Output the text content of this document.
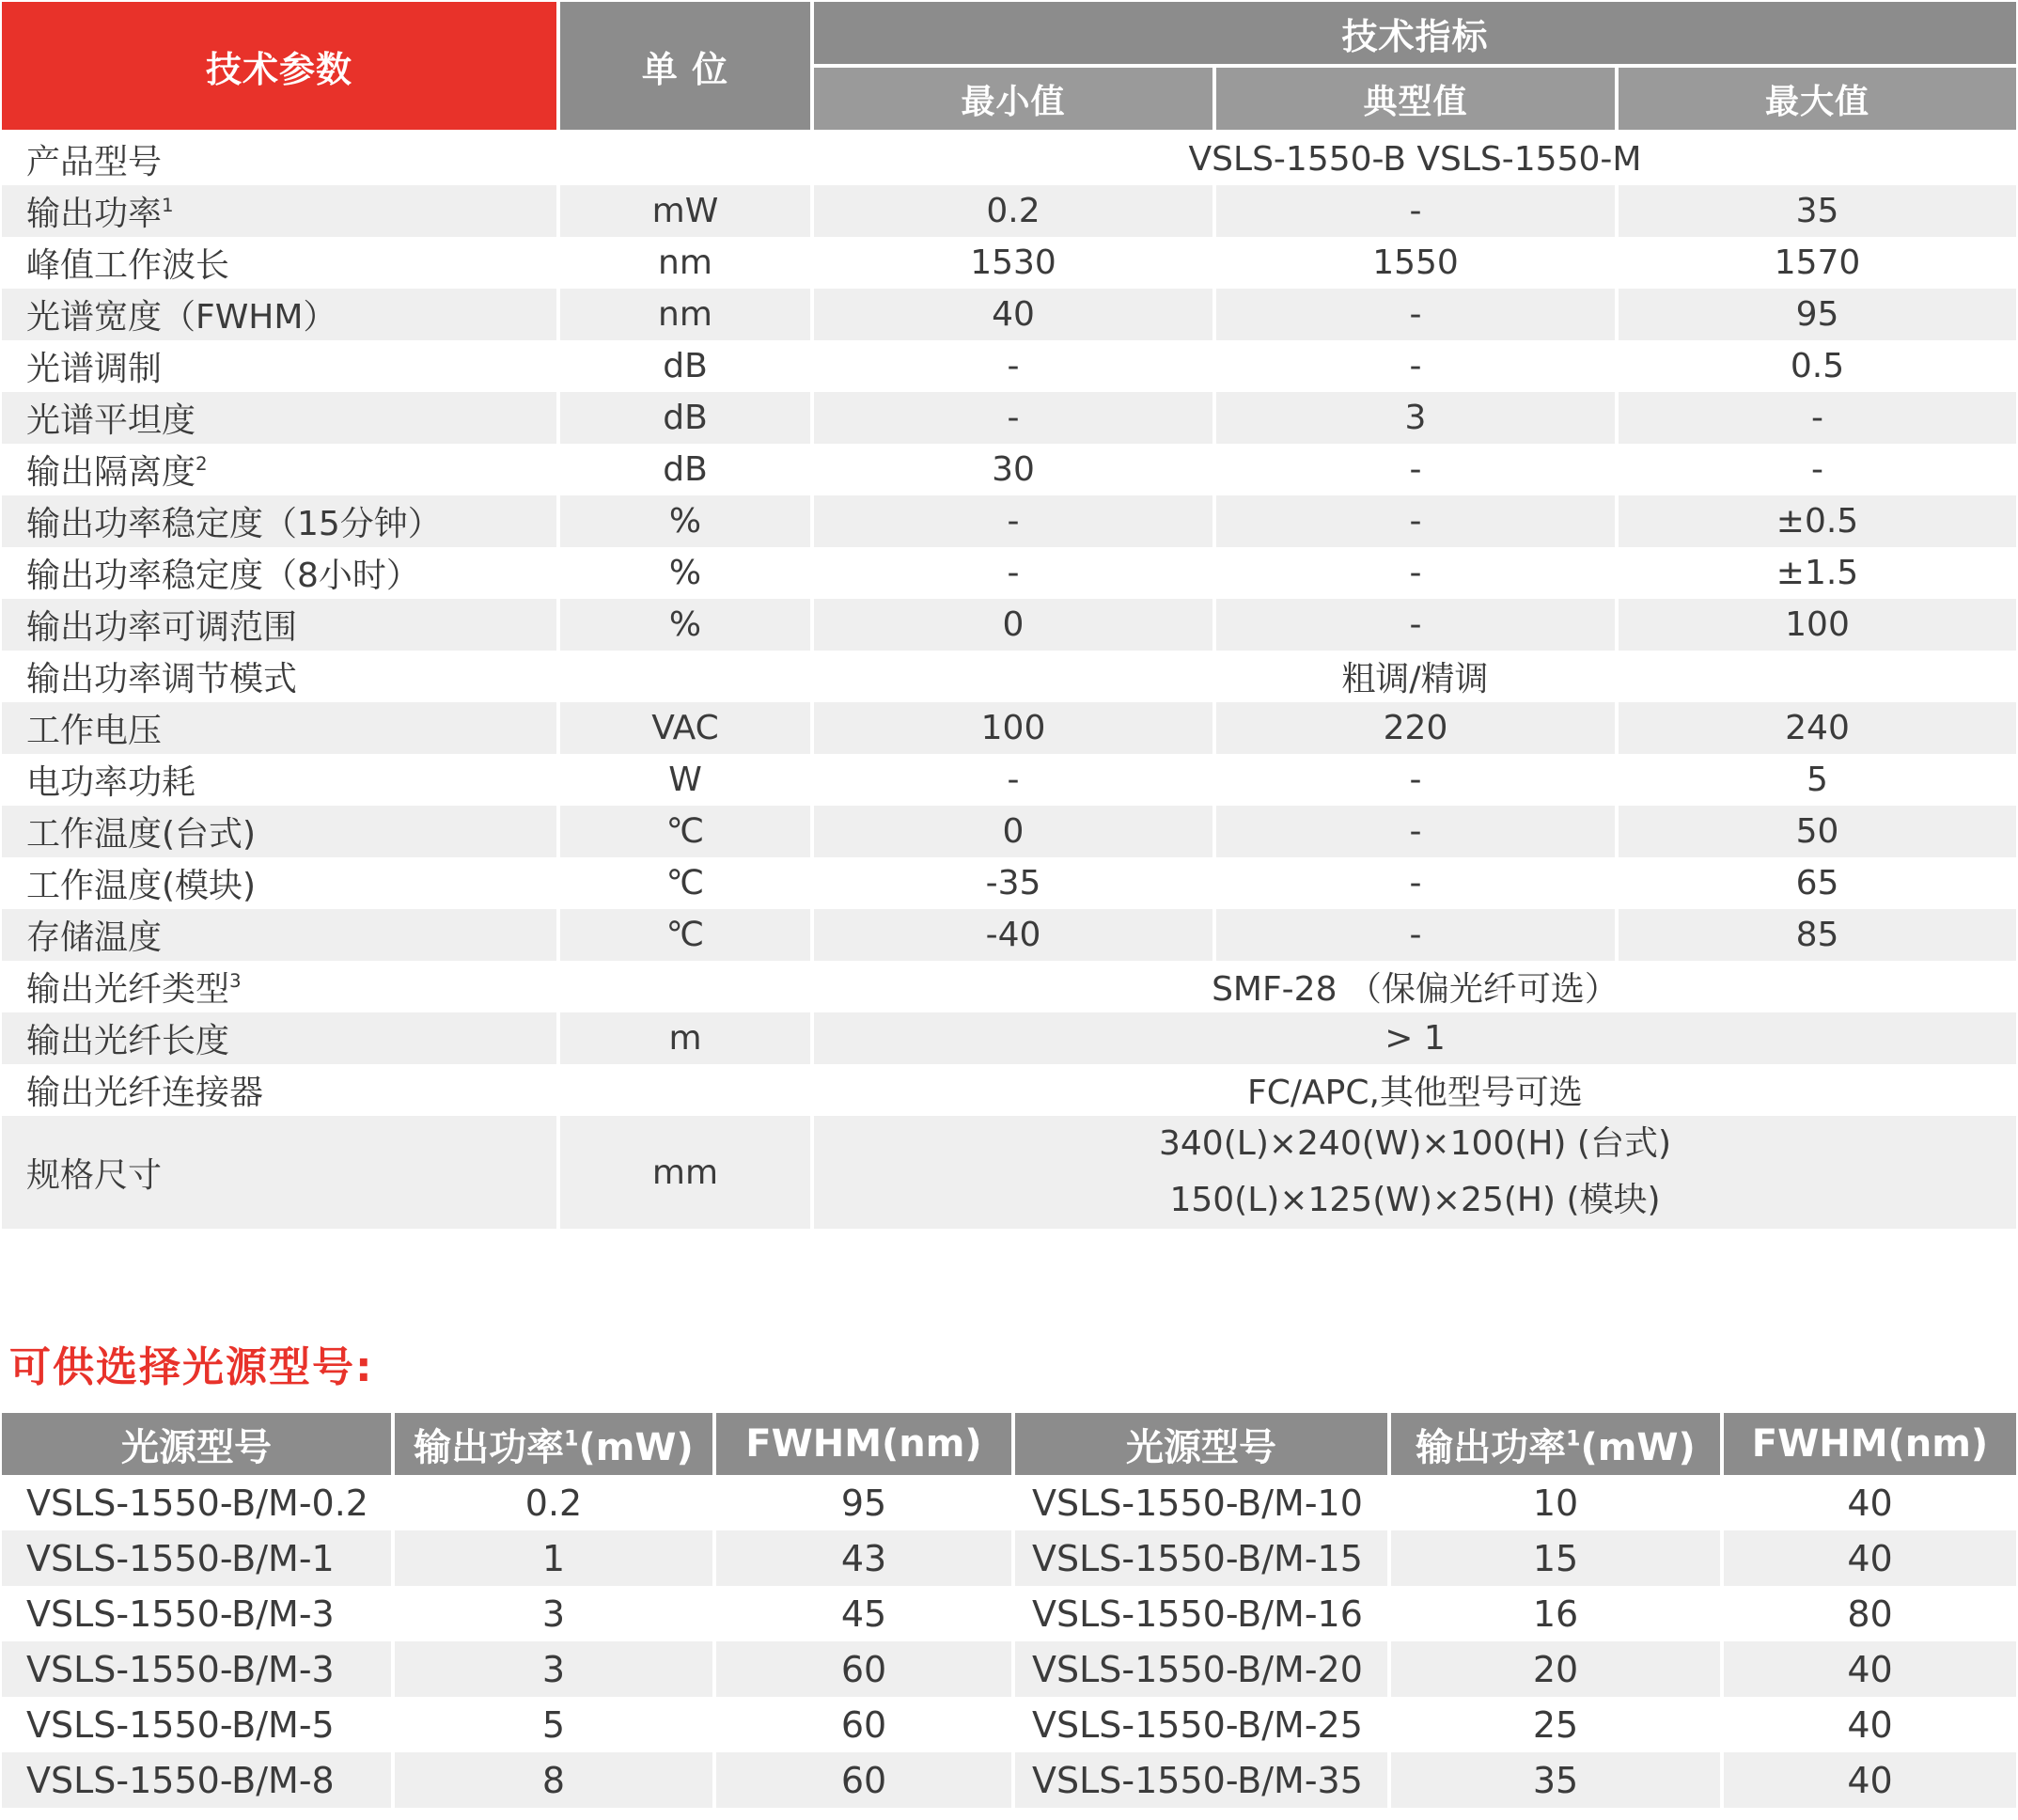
技术参数	单 位	技术指标		
		最小值	典型值	最大值
产品型号		VSLS-1550-B VSLS-1550-M		
输出功率$^1$	mW	0.2	-	35
峰值工作波长	nm	1530	1550	1570
光谱宽度（FWHM）	nm	40	-	95
光谱调制	dB	-	-	0.5
光谱平坦度	dB	-	3	-
输出隔离度$^2$	dB	30	-	-
输出功率稳定度（15分钟）	%	-	-	±0.5
输出功率稳定度（8小时）	%	-	-	±1.5
输出功率可调范围	%	0	-	100
输出功率调节模式		粗调/精调		
工作电压	VAC	100	220	240
电功率功耗	W	-	-	5
工作温度(台式)	℃	0	-	50
工作温度(模块)	℃	-35	-	65
存储温度	℃	-40	-	85
输出光纤类型$^3$		SMF-28 （保偏光纤可选）		
输出光纤长度	m	> 1		
输出光纤连接器		FC/APC,其他型号可选		
规格尺寸	mm	340(L)×240(W)×100(H) (台式)
150(L)×125(W)×25(H) (模块)		
可供选择光源型号:
光源型号	输出功率$^1$(mW)	FWHM(nm)	光源型号	输出功率$^1$(mW)	FWHM(nm)
VSLS-1550-B/M-0.2	0.2	95	VSLS-1550-B/M-10	10	40
VSLS-1550-B/M-1	1	43	VSLS-1550-B/M-15	15	40
VSLS-1550-B/M-3	3	45	VSLS-1550-B/M-16	16	80
VSLS-1550-B/M-3	3	60	VSLS-1550-B/M-20	20	40
VSLS-1550-B/M-5	5	60	VSLS-1550-B/M-25	25	40
VSLS-1550-B/M-8	8	60	VSLS-1550-B/M-35	35	40
